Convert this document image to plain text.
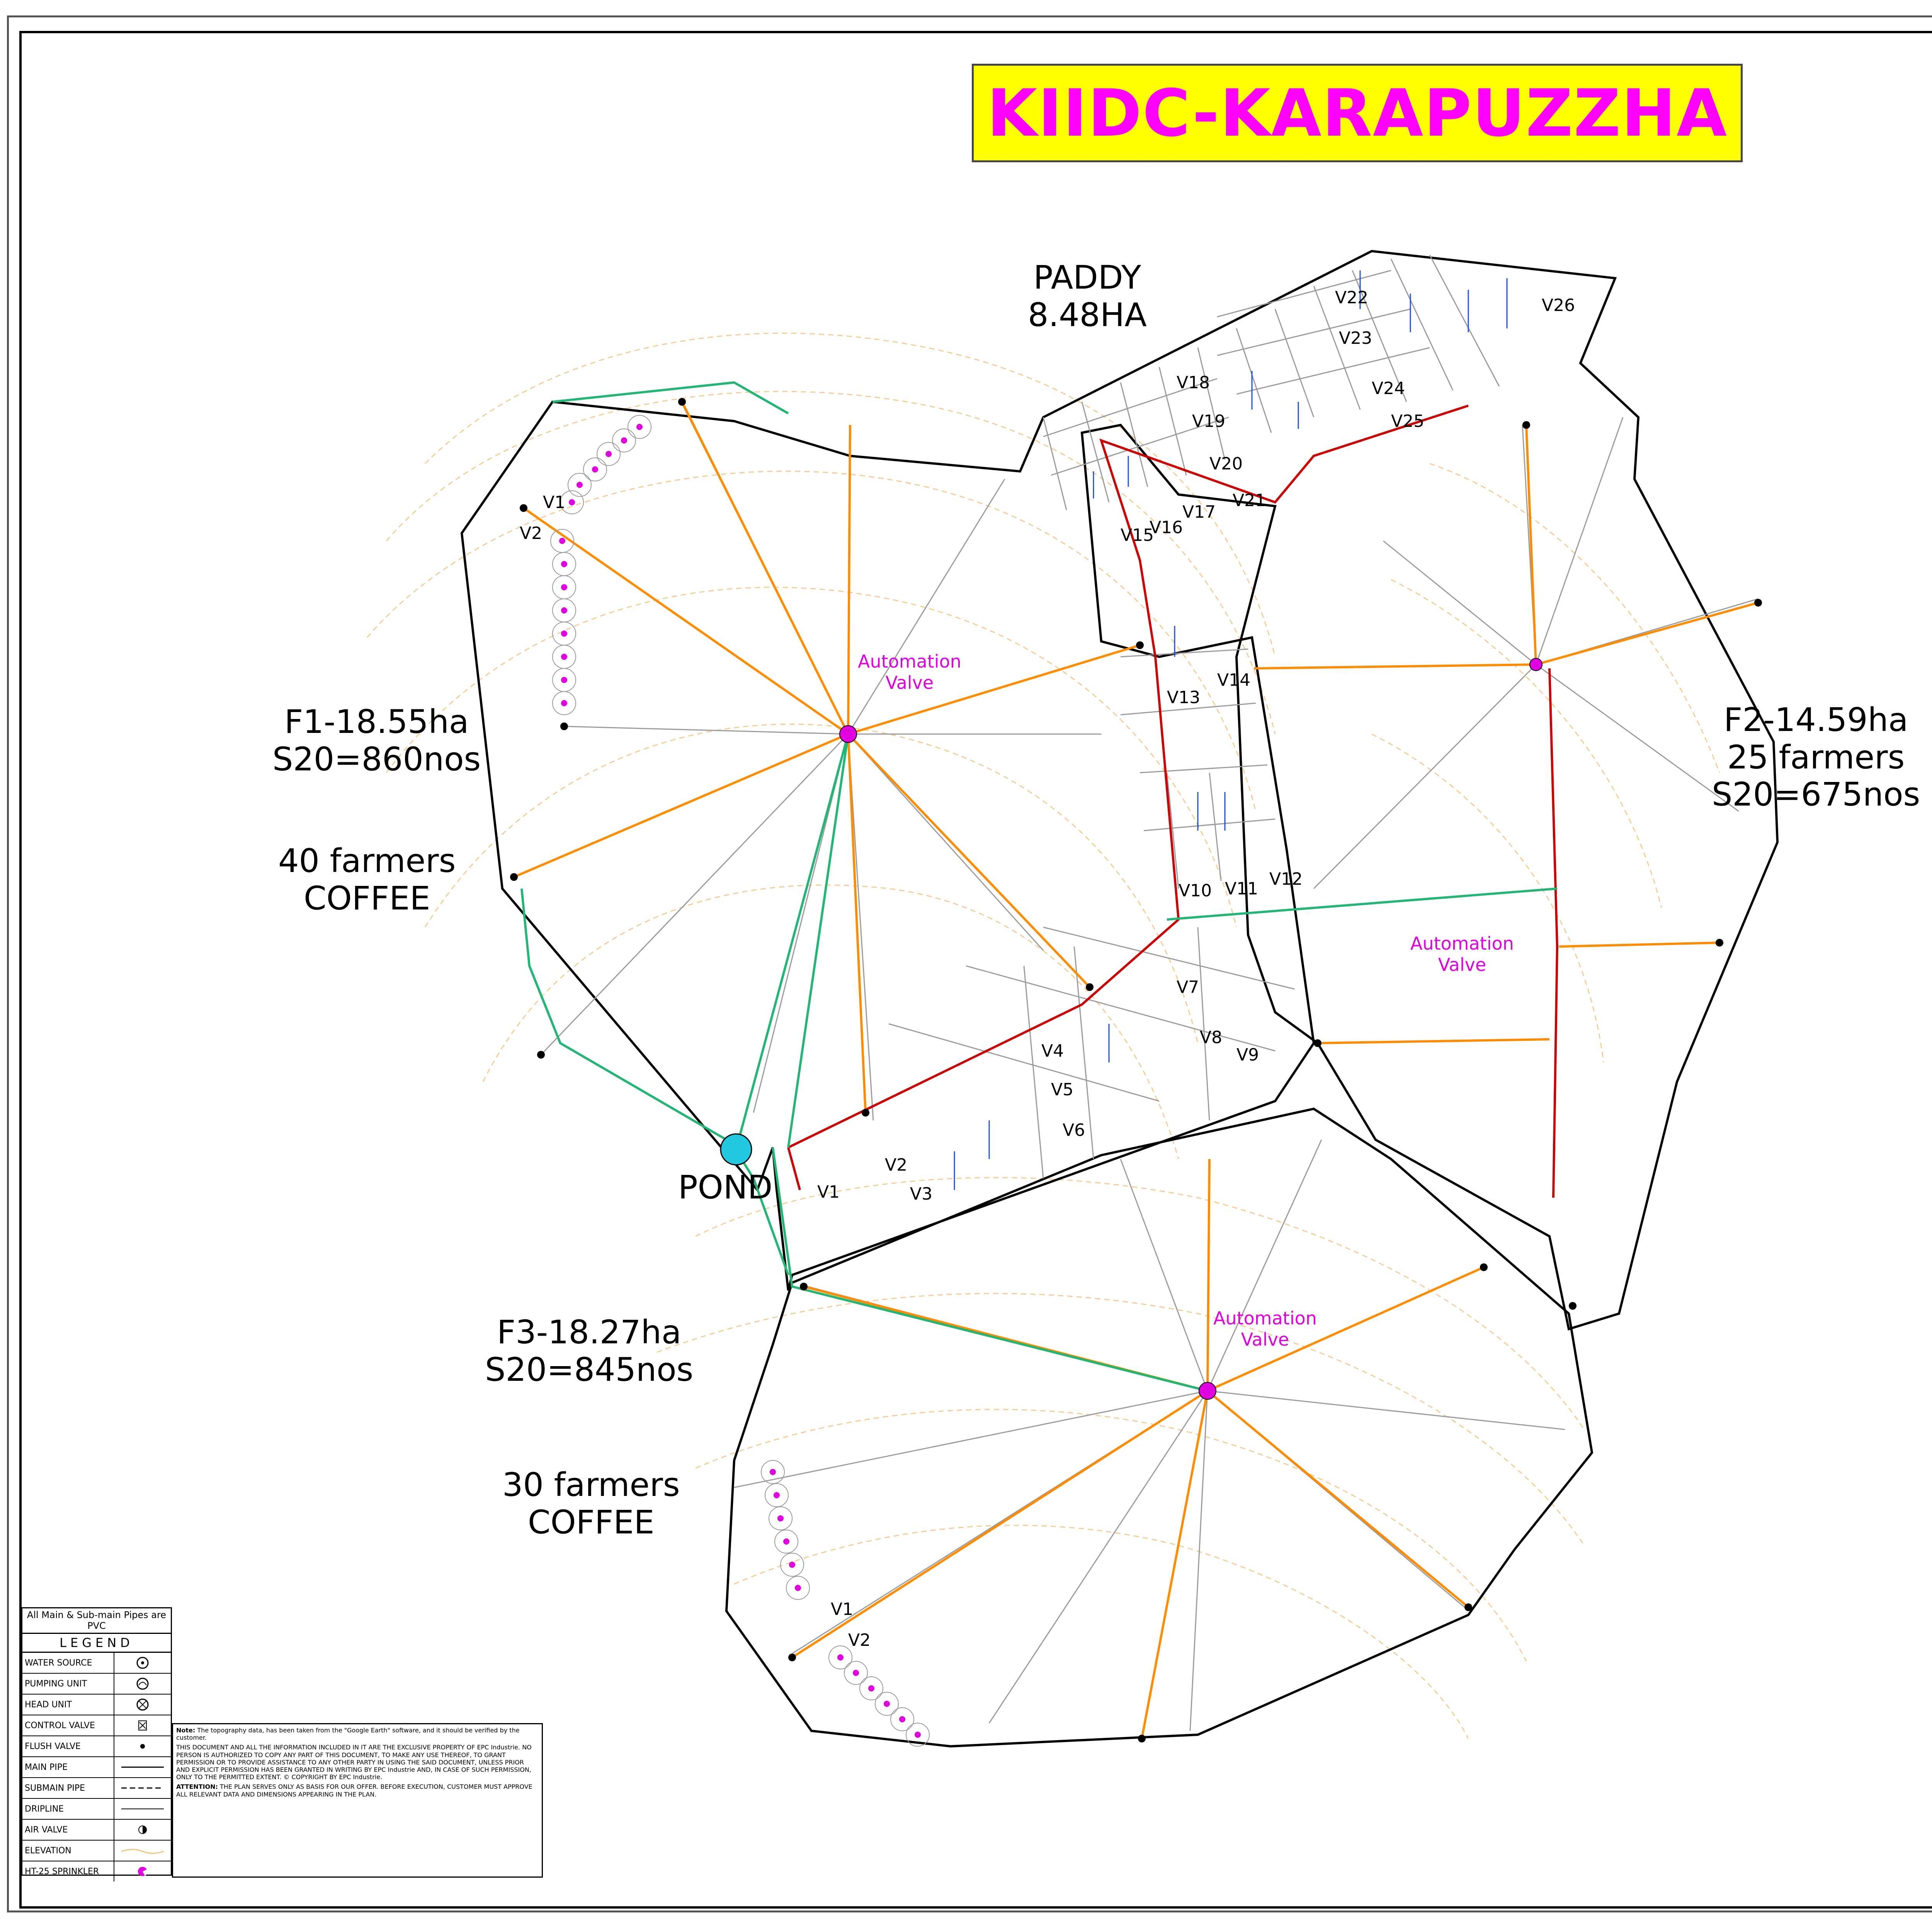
KIIDC-KARAPUZZHA
PADDY
8.48HA
F1-18.55ha
S20=860nos
40 farmers
COFFEE
F2-14.59ha
25 farmers
S20=675nos
F3-18.27ha
S20=845nos
30 farmers
COFFEE
POND
Automation
Valve
Automation
Valve
Automation
Valve
V1
V2
V3
V4
V5
V6
V7
V8
V9
V10 V11 V12
V13
V14
V15
V16
V17
V18
V19
V20
V21
V22
V23
V24
V25
V26
V1
V2
V1
V2

All Main & Sub-main Pipes are PVC
LEGEND
WATER SOURCE
PUMPING UNIT
HEAD UNIT
CONTROL VALVE
FLUSH VALVE
MAIN PIPE
SUBMAIN PIPE
DRIPLINE
AIR VALVE
ELEVATION
HT-25 SPRINKLER

Note: The topography data, has been taken from the "Google Earth" software, and it should be verified by the customer.

THIS DOCUMENT AND ALL THE INFORMATION INCLUDED IN IT ARE THE EXCLUSIVE PROPERTY OF EPC Industrie. NO PERSON IS AUTHORIZED TO COPY ANY PART OF THIS DOCUMENT, TO MAKE ANY USE THEREOF, TO GRANT PERMISSION OR TO PROVIDE ASSISTANCE TO ANY OTHER PARTY IN USING THE SAID DOCUMENT, UNLESS PRIOR AND EXPLICIT PERMISSION HAS BEEN GRANTED IN WRITING BY EPC Industrie AND, IN CASE OF SUCH PERMISSION, ONLY TO THE PERMITTED EXTENT. © COPYRIGHT BY EPC Industrie.

ATTENTION: THE PLAN SERVES ONLY AS BASIS FOR OUR OFFER. BEFORE EXECUTION, CUSTOMER MUST APPROVE ALL RELEVANT DATA AND DIMENSIONS APPEARING IN THE PLAN.
